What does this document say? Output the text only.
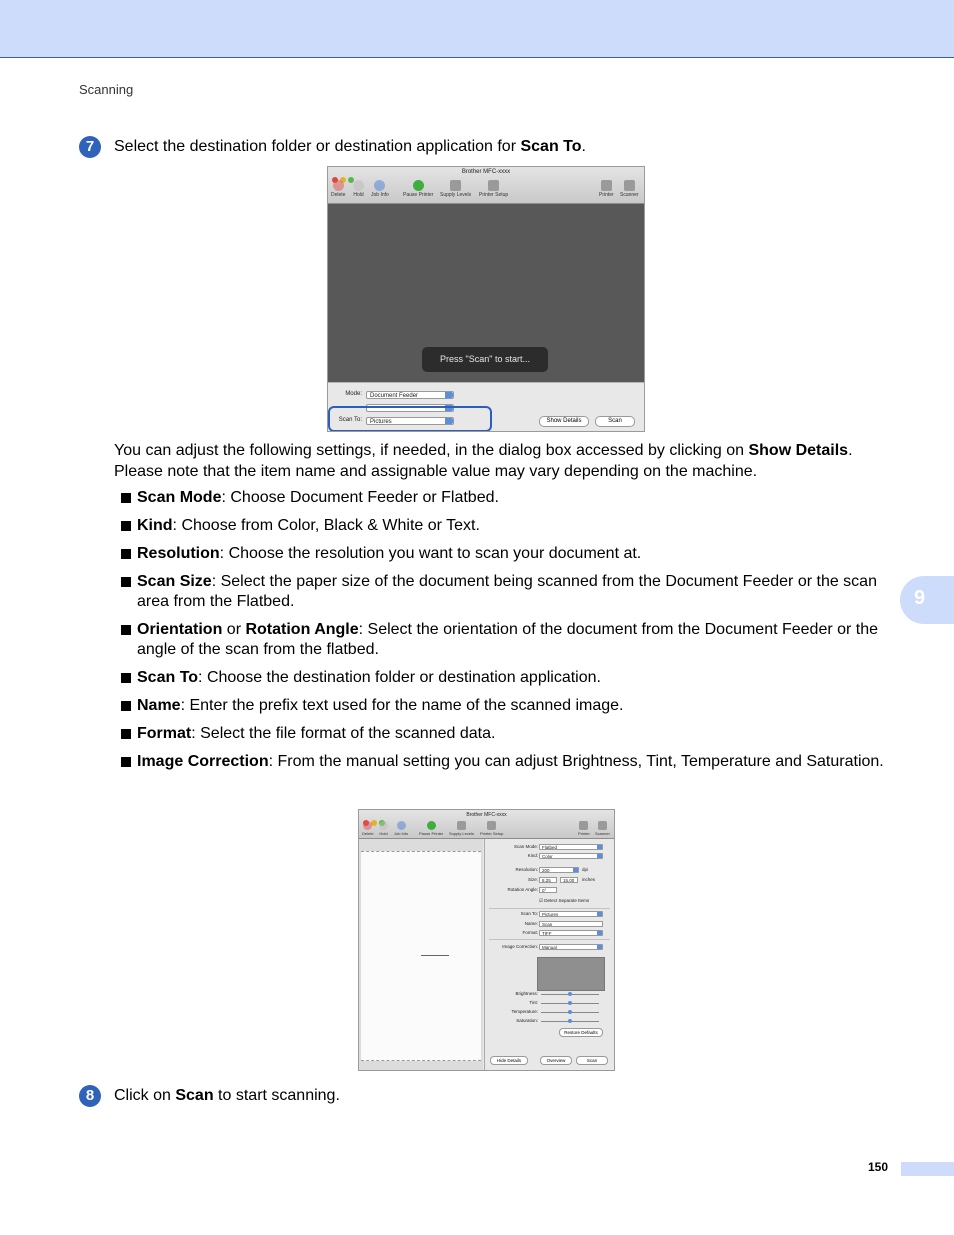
Scanning
7	Select the destination folder or destination application for Scan To.
Brother MFC-xxxx
Delete Hold Job Info	Pause Printer Supply Levels Printer Setup	Printer Scanner
Press "Scan" to start...
Mode:	Document Feeder
Scan To:	Pictures	Show Details	Scan
You can adjust the following settings, if needed, in the dialog box accessed by clicking on Show Details. Please note that the item name and assignable value may vary depending on the machine.
Scan Mode: Choose Document Feeder or Flatbed.
Kind: Choose from Color, Black & White or Text.
Resolution: Choose the resolution you want to scan your document at.
Scan Size: Select the paper size of the document being scanned from the Document Feeder or the scan area from the Flatbed.
Orientation or Rotation Angle: Select the orientation of the document from the Document Feeder or the angle of the scan from the flatbed.
Scan To: Choose the destination folder or destination application.
Name: Enter the prefix text used for the name of the scanned image.
Format: Select the file format of the scanned data.
Image Correction: From the manual setting you can adjust Brightness, Tint, Temperature and Saturation.
9
Brother MFC-xxxx
Delete Hold Job Info	Pause Printer Supply Levels Printer Setup	Printer Scanner
Scan Mode: Flatbed
Kind: Color
Resolution: 200	dpi
Size: 8.25	15.00	inches
Rotation Angle: 0°
☑ Detect Separate Items
Scan To: Pictures
Name: Scan
Format: TIFF
Image Correction: Manual
Brightness:
Tint:
Temperature:
Saturation:
Restore Defaults
Hide Details	Overview	Scan
8	Click on Scan to start scanning.
150
